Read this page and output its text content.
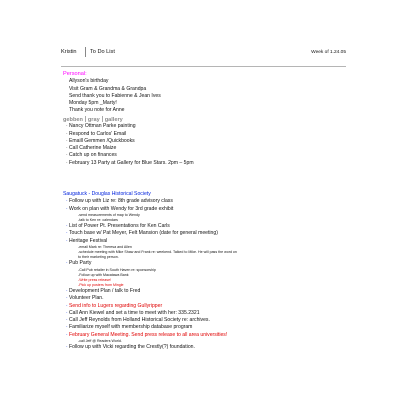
Kristin To Do List	Week of 1.24.05
Personal:
Allyson's birthday
Visit Gram & Grandma & Grandpa
Send thank you to Fabienne & Jean Ives
Monday 5pm _Marty!
Thank you note for Anne
gebben gray gallery
· Nancy Ottman Parke painting
· Respond to Carlos' Email
· Emaill Gemmen /Quickbooks
· Call Catherine Maize
· Catch up on finances
· February 13 Party at Gallery for Blue Stars. 2pm – 5pm
Saugatuck - Douglas Historical Society
· Follow up with Liz re: 8th grade advisory class
· Work on plan with Wendy for 3rd grade exhibit
-send measurements of map to Wendy
-talk to Ken re: calendars
· List of Power Pt. Presentations for Ken Carls
· Touch base w/ Pat Meyer, Felt Mansion (date for general meeting)
· Heritage Festival
-email Mark re: Theresa and Allen
-schedule meeting with Mike Shaw and Frank re: weekend. Talked to Mike. He will pass the word on
to their marketing person.
· Pub Party
-Call Pub retailer in South Haven re: sponsorship
-Follow up with Macatawa Bank
-Write press release!
-Pick up posters from Mingle
· Development Plan / talk to Fred
· Volunteer Plan.
· Send info to Lugers regarding Gullyripper
· Call Ann Kiewel and set a time to meet with her: 335.2321
· Call Jeff Reynolds from Holland Historical Society re: archives.
· Familiarize myself with membership database program
· February General Meeting. Send press release to all area universities!
-call Jeff @ Readers World.
· Follow up with Vicki regarding the Crestly(?) foundation.
